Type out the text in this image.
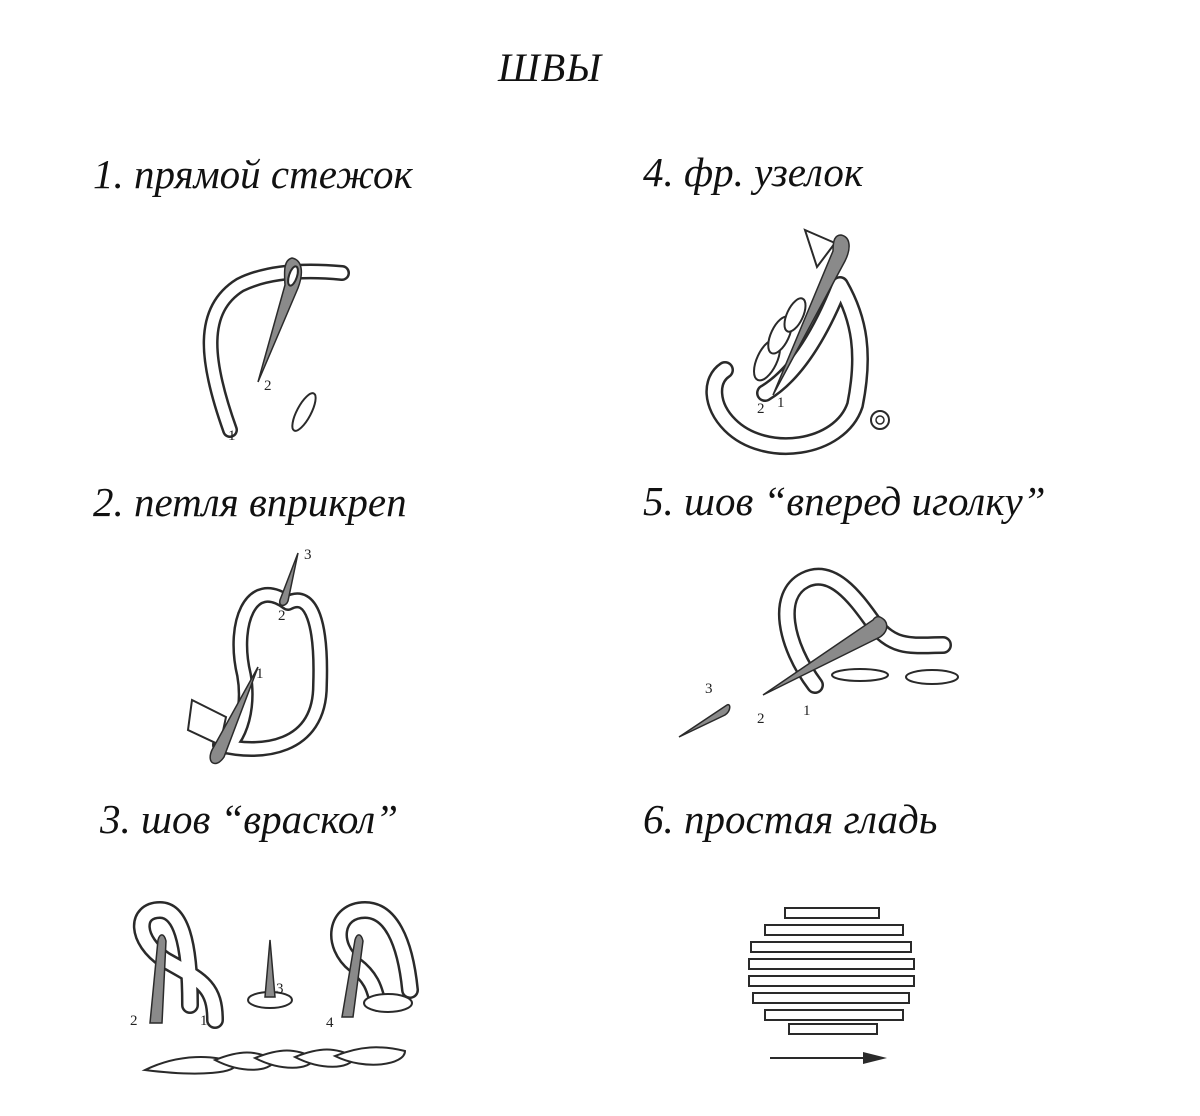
ШВЫ
1. прямой стежок
2. петля вприкреп
3. шов “враскол”
4. фр. узелок
5. шов “вперед иголку”
6. простая гладь
1
2
3
2
1
2	1
3
4
2 1
3
2	1
